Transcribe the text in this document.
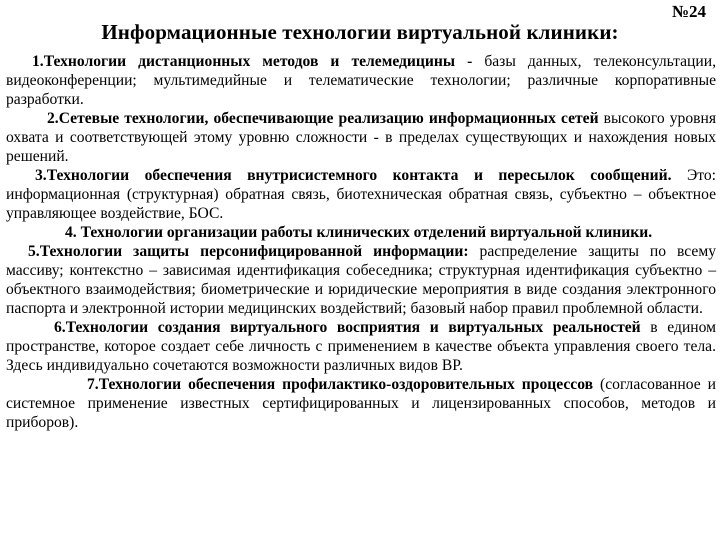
№24
Информационные технологии виртуальной клиники:

1.Технологии дистанционных методов и телемедицины - базы данных, телеконсультации, видеоконференции; мультимедийные и телематические технологии; различные корпоративные разработки.

2.Сетевые технологии, обеспечивающие реализацию информационных сетей высокого уровня охвата и соответствующей этому уровню сложности - в пределах существующих и нахождения новых решений.

3.Технологии обеспечения внутрисистемного контакта и пересылок сообщений. Это: информационная (структурная) обратная связь, биотехническая обратная связь, субъектно – объектное управляющее воздействие, БОС.

4. Технологии организации работы клинических отделений виртуальной клиники.

5.Технологии защиты персонифицированной информации: распределение защиты по всему массиву; контекстно – зависимая идентификация собеседника; структурная идентификация субъектно – объектного взаимодействия; биометрические и юридические мероприятия в виде создания электронного паспорта и электронной истории медицинских воздействий; базовый набор правил проблемной области.

6.Технологии создания виртуального восприятия и виртуальных реальностей в едином пространстве, которое создает себе личность с применением в качестве объекта управления своего тела. Здесь индивидуально сочетаются возможности различных видов ВР.

7.Технологии обеспечения профилактико-оздоровительных процессов (согласованное и системное применение известных сертифицированных и лицензированных способов, методов и приборов).
